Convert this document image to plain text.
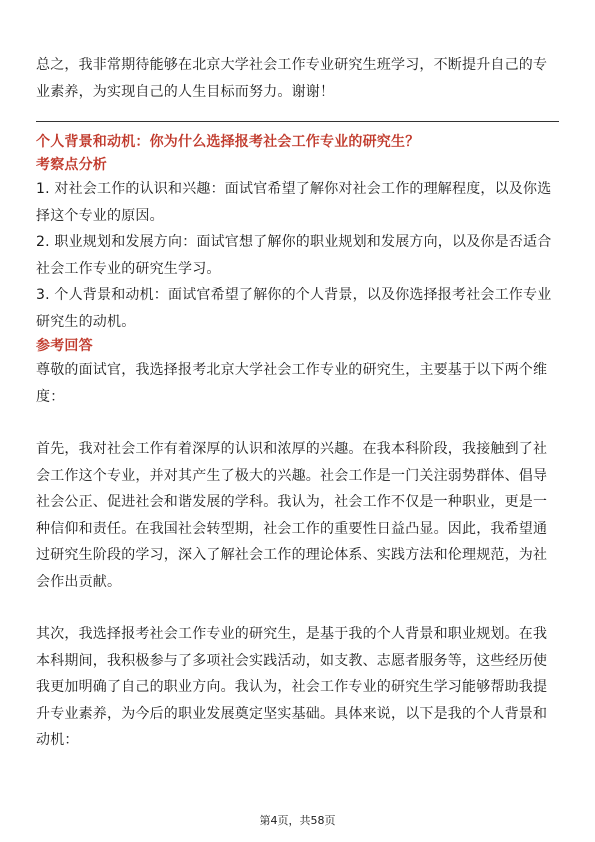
总之，我非常期待能够在北京大学社会工作专业研究生班学习，不断提升自己的专业素养，为实现自己的人生目标而努力。谢谢！

个人背景和动机：你为什么选择报考社会工作专业的研究生？

考察点分析

1. 对社会工作的认识和兴趣：面试官希望了解你对社会工作的理解程度，以及你选择这个专业的原因。

2. 职业规划和发展方向：面试官想了解你的职业规划和发展方向，以及你是否适合社会工作专业的研究生学习。

3. 个人背景和动机：面试官希望了解你的个人背景，以及你选择报考社会工作专业研究生的动机。

参考回答

尊敬的面试官，我选择报考北京大学社会工作专业的研究生，主要基于以下两个维度：

首先，我对社会工作有着深厚的认识和浓厚的兴趣。在我本科阶段，我接触到了社会工作这个专业，并对其产生了极大的兴趣。社会工作是一门关注弱势群体、倡导社会公正、促进社会和谐发展的学科。我认为，社会工作不仅是一种职业，更是一种信仰和责任。在我国社会转型期，社会工作的重要性日益凸显。因此，我希望通过研究生阶段的学习，深入了解社会工作的理论体系、实践方法和伦理规范，为社会作出贡献。

其次，我选择报考社会工作专业的研究生，是基于我的个人背景和职业规划。在我本科期间，我积极参与了多项社会实践活动，如支教、志愿者服务等，这些经历使我更加明确了自己的职业方向。我认为，社会工作专业的研究生学习能够帮助我提升专业素养，为今后的职业发展奠定坚实基础。具体来说，以下是我的个人背景和动机：

第4页，共58页
